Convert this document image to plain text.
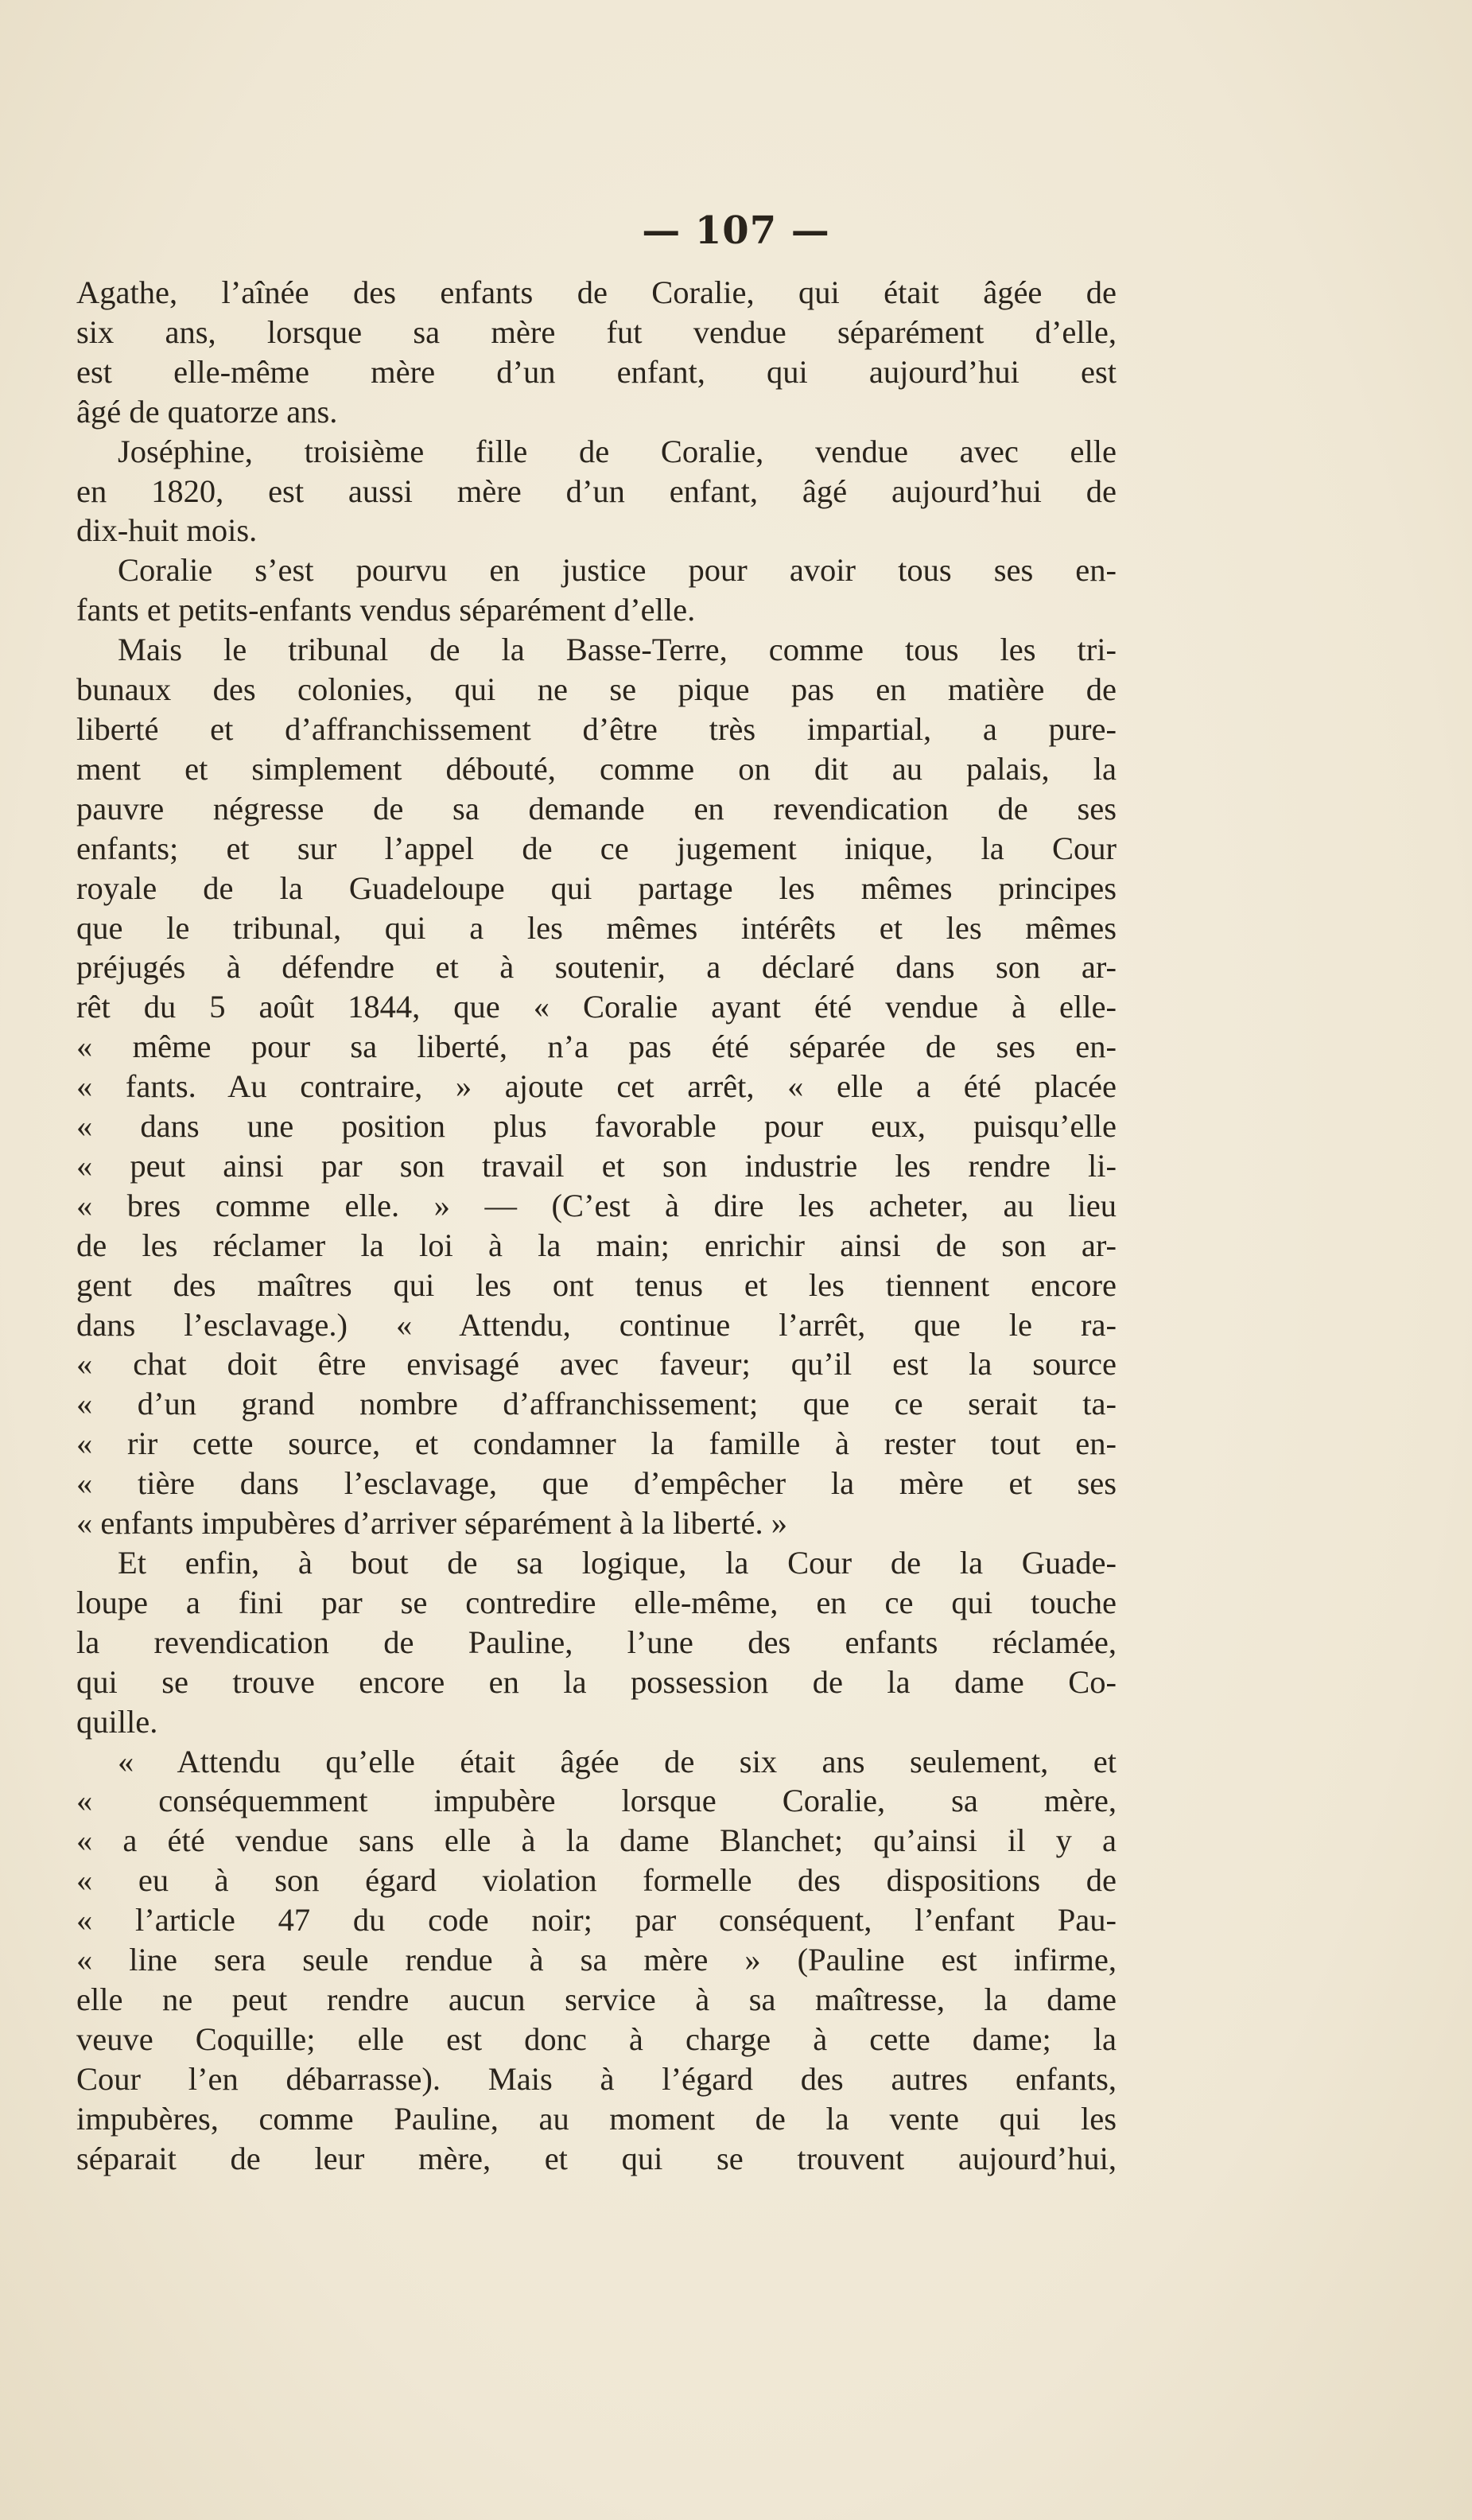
— 107 —
Agathe, l’aînée des enfants de Coralie, qui était âgée de
six ans, lorsque sa mère fut vendue séparément d’elle,
est elle-même mère d’un enfant, qui aujourd’hui est
âgé de quatorze ans.
Joséphine, troisième fille de Coralie, vendue avec elle
en 1820, est aussi mère d’un enfant, âgé aujourd’hui de
dix-huit mois.
Coralie s’est pourvu en justice pour avoir tous ses en-
fants et petits-enfants vendus séparément d’elle.
Mais le tribunal de la Basse-Terre, comme tous les tri-
bunaux des colonies, qui ne se pique pas en matière de
liberté et d’affranchissement d’être très impartial, a pure-
ment et simplement débouté, comme on dit au palais, la
pauvre négresse de sa demande en revendication de ses
enfants; et sur l’appel de ce jugement inique, la Cour
royale de la Guadeloupe qui partage les mêmes principes
que le tribunal, qui a les mêmes intérêts et les mêmes
préjugés à défendre et à soutenir, a déclaré dans son ar-
rêt du 5 août 1844, que « Coralie ayant été vendue à elle-
« même pour sa liberté, n’a pas été séparée de ses en-
« fants. Au contraire, » ajoute cet arrêt, « elle a été placée
« dans une position plus favorable pour eux, puisqu’elle
« peut ainsi par son travail et son industrie les rendre li-
« bres comme elle. » — (C’est à dire les acheter, au lieu
de les réclamer la loi à la main; enrichir ainsi de son ar-
gent des maîtres qui les ont tenus et les tiennent encore
dans l’esclavage.) « Attendu, continue l’arrêt, que le ra-
« chat doit être envisagé avec faveur; qu’il est la source
« d’un grand nombre d’affranchissement; que ce serait ta-
« rir cette source, et condamner la famille à rester tout en-
« tière dans l’esclavage, que d’empêcher la mère et ses
« enfants impubères d’arriver séparément à la liberté. »
Et enfin, à bout de sa logique, la Cour de la Guade-
loupe a fini par se contredire elle-même, en ce qui touche
la revendication de Pauline, l’une des enfants réclamée,
qui se trouve encore en la possession de la dame Co-
quille.
« Attendu qu’elle était âgée de six ans seulement, et
« conséquemment impubère lorsque Coralie, sa mère,
« a été vendue sans elle à la dame Blanchet; qu’ainsi il y a
« eu à son égard violation formelle des dispositions de
« l’article 47 du code noir; par conséquent, l’enfant Pau-
« line sera seule rendue à sa mère » (Pauline est infirme,
elle ne peut rendre aucun service à sa maîtresse, la dame
veuve Coquille; elle est donc à charge à cette dame; la
Cour l’en débarrasse). Mais à l’égard des autres enfants,
impubères, comme Pauline, au moment de la vente qui les
séparait de leur mère, et qui se trouvent aujourd’hui,
